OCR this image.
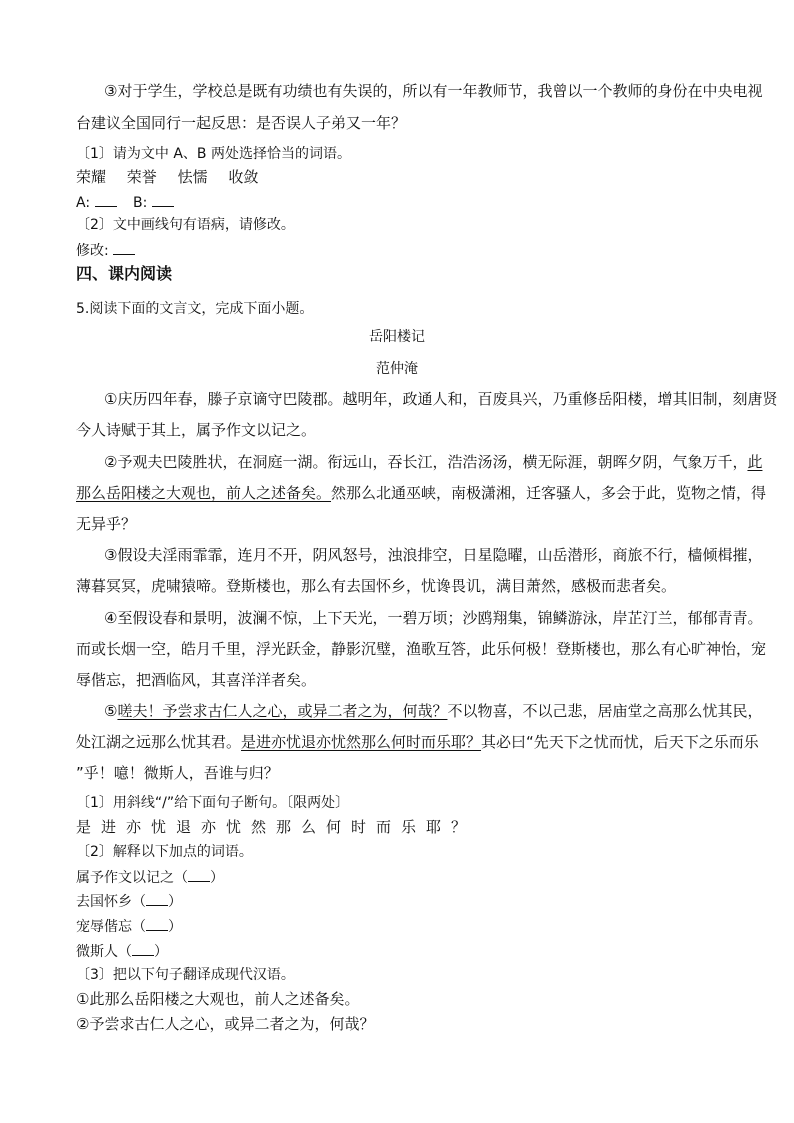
③对于学生，学校总是既有功绩也有失误的，所以有一年教师节，我曾以一个教师的身份在中央电视
台建议全国同行一起反思：是否误人子弟又一年？
〔1〕请为文中 A、B 两处选择恰当的词语。
荣耀 荣誉 怯懦 收敛
A:	B:
〔2〕文中画线句有语病，请修改。
修改:
四、课内阅读
5.阅读下面的文言文，完成下面小题。
岳阳楼记
范仲淹
①庆历四年春，滕子京谪守巴陵郡。越明年，政通人和，百废具兴，乃重修岳阳楼，增其旧制，刻唐贤
今人诗赋于其上，属予作文以记之。
②予观夫巴陵胜状，在洞庭一湖。衔远山，吞长江，浩浩汤汤，横无际涯，朝晖夕阴，气象万千，此
那么岳阳楼之大观也，前人之述备矣。然那么北通巫峡，南极潇湘，迁客骚人，多会于此，览物之情，得
无异乎？
③假设夫淫雨霏霏，连月不开，阴风怒号，浊浪排空，日星隐曜，山岳潜形，商旅不行，樯倾楫摧，
薄暮冥冥，虎啸猿啼。登斯楼也，那么有去国怀乡，忧谗畏讥，满目萧然，感极而悲者矣。
④至假设春和景明，波澜不惊，上下天光，一碧万顷；沙鸥翔集，锦鳞游泳，岸芷汀兰，郁郁青青。
而或长烟一空，皓月千里，浮光跃金，静影沉璧，渔歌互答，此乐何极！登斯楼也，那么有心旷神怡，宠
辱偕忘，把酒临风，其喜洋洋者矣。
⑤嗟夫！予尝求古仁人之心，或异二者之为，何哉？不以物喜，不以己悲，居庙堂之高那么忧其民，
处江湖之远那么忧其君。是进亦忧退亦忧然那么何时而乐耶？其必曰“先天下之忧而忧，后天下之乐而乐
”乎！噫！微斯人，吾谁与归？
〔1〕用斜线“/”给下面句子断句。〔限两处〕
是进亦忧退亦忧然那么何时而乐耶？
〔2〕解释以下加点的词语。
属予作文以记之（ ）
去国怀乡（ ）
宠辱偕忘（ ）
微斯人（ ）
〔3〕把以下句子翻译成现代汉语。
①此那么岳阳楼之大观也，前人之述备矣。
②予尝求古仁人之心，或异二者之为，何哉？
